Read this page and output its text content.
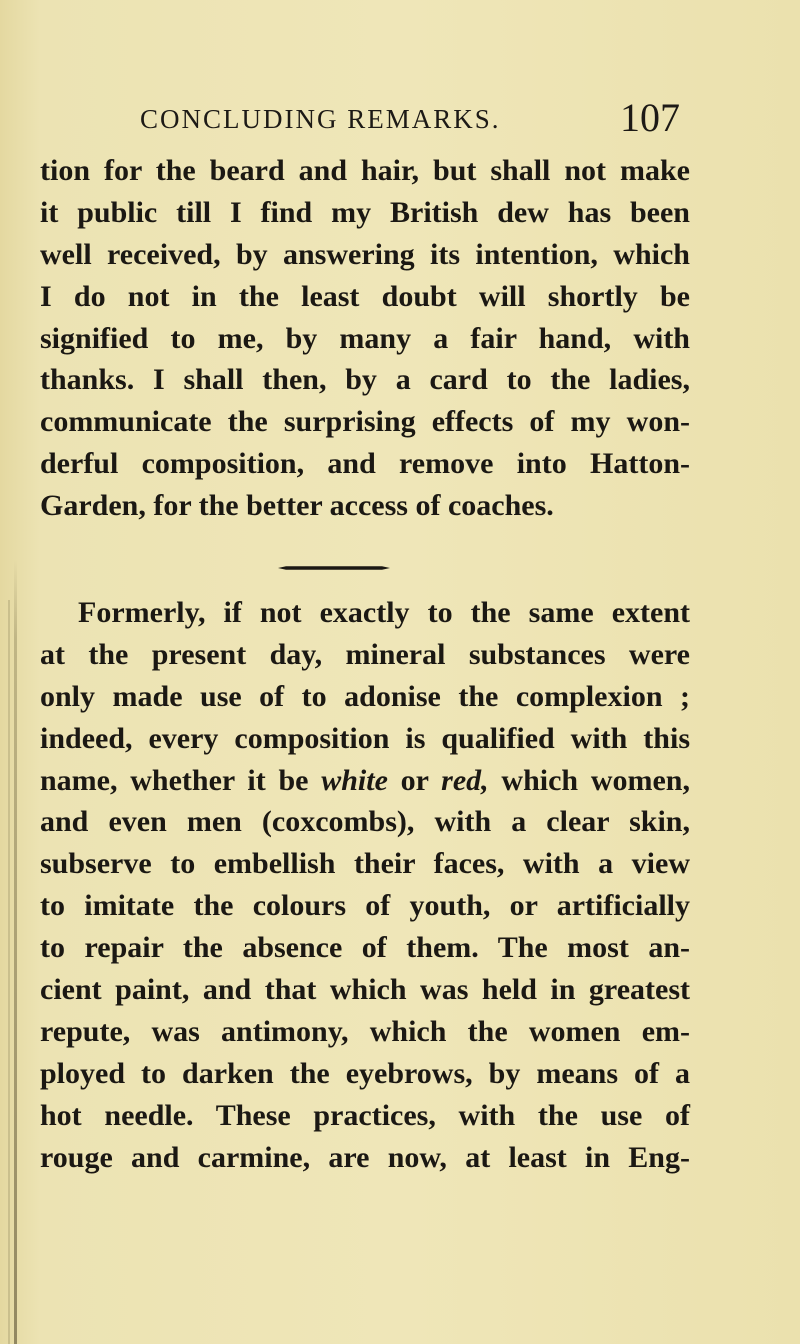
CONCLUDING REMARKS.	107
tion for the beard and hair, but shall not make
it public till I find my British dew has been
well received, by answering its intention, which
I do not in the least doubt will shortly be
signified to me, by many a fair hand, with
thanks. I shall then, by a card to the ladies,
communicate the surprising effects of my won-
derful composition, and remove into Hatton-
Garden, for the better access of coaches.
Formerly, if not exactly to the same extent
at the present day, mineral substances were
only made use of to adonise the complexion ;
indeed, every composition is qualified with this
name, whether it be white or red, which women,
and even men (coxcombs), with a clear skin,
subserve to embellish their faces, with a view
to imitate the colours of youth, or artificially
to repair the absence of them. The most an-
cient paint, and that which was held in greatest
repute, was antimony, which the women em-
ployed to darken the eyebrows, by means of a
hot needle. These practices, with the use of
rouge and carmine, are now, at least in Eng-
